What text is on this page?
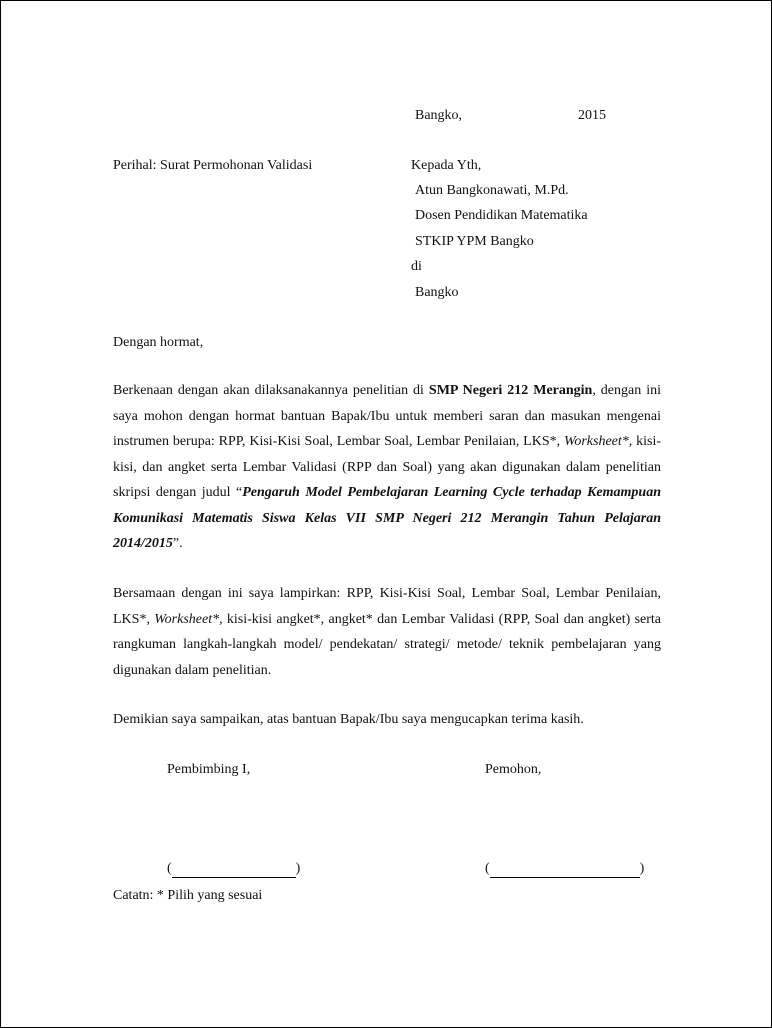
Bangko,	2015
Perihal: Surat Permohonan Validasi	Kepada Yth,
Atun Bangkonawati, M.Pd.
Dosen Pendidikan Matematika
STKIP YPM Bangko
di
Bangko
Dengan hormat,

Berkenaan dengan akan dilaksanakannya penelitian di SMP Negeri 212 Merangin, dengan ini saya mohon dengan hormat bantuan Bapak/Ibu untuk memberi saran dan masukan mengenai instrumen berupa: RPP, Kisi-Kisi Soal, Lembar Soal, Lembar Penilaian, LKS*, Worksheet*, kisi-kisi, dan angket serta Lembar Validasi (RPP dan Soal) yang akan digunakan dalam penelitian skripsi dengan judul “Pengaruh Model Pembelajaran Learning Cycle terhadap Kemampuan Komunikasi Matematis Siswa Kelas VII SMP Negeri 212 Merangin Tahun Pelajaran 2014/2015”.

Bersamaan dengan ini saya lampirkan: RPP, Kisi-Kisi Soal, Lembar Soal, Lembar Penilaian, LKS*, Worksheet*, kisi-kisi angket*, angket* dan Lembar Validasi (RPP, Soal dan angket) serta rangkuman langkah-langkah model/ pendekatan/ strategi/ metode/ teknik pembelajaran yang digunakan dalam penelitian.

Demikian saya sampaikan, atas bantuan Bapak/Ibu saya mengucapkan terima kasih.
Pembimbing I,	Pemohon,
(	)	(	)
Catatn: * Pilih yang sesuai
